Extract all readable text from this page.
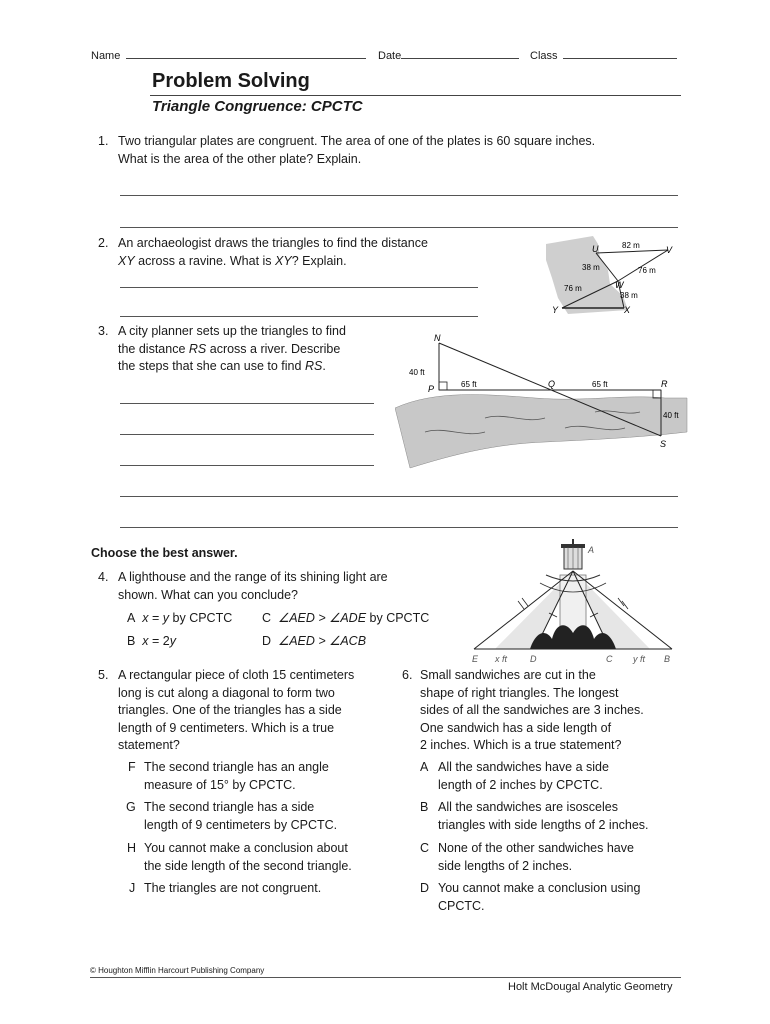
Name	Date	Class
Problem Solving
Triangle Congruence: CPCTC
1. Two triangular plates are congruent. The area of one of the plates is 60 square inches.
What is the area of the other plate? Explain.
2. An archaeologist draws the triangles to find the distance
XY across a ravine. What is XY? Explain.
U	V
W
X
Y
82 m
38 m	76 m
76 m
38 m
3. A city planner sets up the triangles to find
the distance RS across a river. Describe
the steps that she can use to find RS.
N
P	Q	R
S
40 ft
65 ft	65 ft
40 ft
Choose the best answer.
4. A lighthouse and the range of its shining light are
shown. What can you conclude?
A x = y by CPCTC C ∠AED > ∠ADE by CPCTC
B x = 2y	D ∠AED > ∠ACB
A
E x ft	D	C y ft B
5. A rectangular piece of cloth 15 centimeters
long is cut along a diagonal to form two
triangles. One of the triangles has a side
length of 9 centimeters. Which is a true
statement?
F The second triangle has an angle
measure of 15° by CPCTC.
G The second triangle has a side
length of 9 centimeters by CPCTC.
H You cannot make a conclusion about
the side length of the second triangle.
J The triangles are not congruent.
6. Small sandwiches are cut in the
shape of right triangles. The longest
sides of all the sandwiches are 3 inches.
One sandwich has a side length of
2 inches. Which is a true statement?
A All the sandwiches have a side
length of 2 inches by CPCTC.
B All the sandwiches are isosceles
triangles with side lengths of 2 inches.
C None of the other sandwiches have
side lengths of 2 inches.
D You cannot make a conclusion using
CPCTC.
© Houghton Mifflin Harcourt Publishing Company
Holt McDougal Analytic Geometry
